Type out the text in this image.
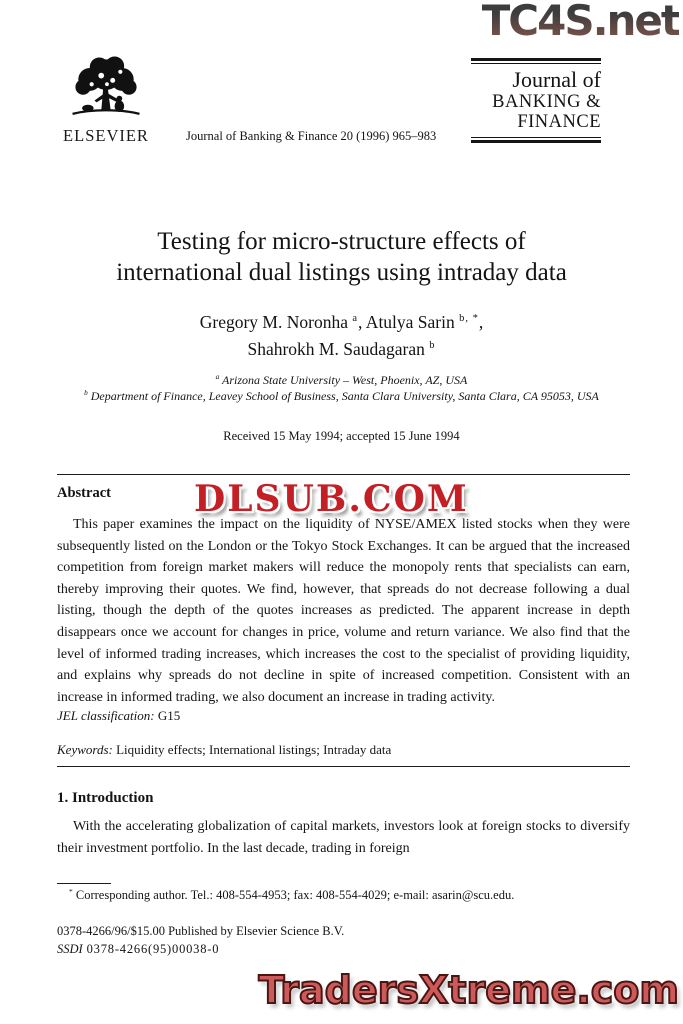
TC4S.net
ELSEVIER	Journal of Banking & Finance 20 (1996) 965–983
Journal of
BANKING &
FINANCE
Testing for micro-structure effects of
international dual listings using intraday data
Gregory M. Noronha $^a$, Atulya Sarin $^{b, *}$,
Shahrokh M. Saudagaran $^b$
$^a$ Arizona State University – West, Phoenix, AZ, USA
$^b$ Department of Finance, Leavey School of Business, Santa Clara University, Santa Clara, CA 95053, USA
Received 15 May 1994; accepted 15 June 1994
Abstract
This paper examines the impact on the liquidity of NYSE/AMEX listed stocks when they were subsequently listed on the London or the Tokyo Stock Exchanges. It can be argued that the increased competition from foreign market makers will reduce the monopoly rents that specialists can earn, thereby improving their quotes. We find, however, that spreads do not decrease following a dual listing, though the depth of the quotes increases as predicted. The apparent increase in depth disappears once we account for changes in price, volume and return variance. We also find that the level of informed trading increases, which increases the cost to the specialist of providing liquidity, and explains why spreads do not decline in spite of increased competition. Consistent with an increase in informed trading, we also document an increase in trading activity.
JEL classification: G15
Keywords: Liquidity effects; International listings; Intraday data
1. Introduction
With the accelerating globalization of capital markets, investors look at foreign stocks to diversify their investment portfolio. In the last decade, trading in foreign
* Corresponding author. Tel.: 408-554-4953; fax: 408-554-4029; e-mail: asarin@scu.edu.
0378-4266/96/$15.00 Published by Elsevier Science B.V.
SSDI 0378-4266(95)00038-0
DLSUB.COM
TradersXtreme.com
